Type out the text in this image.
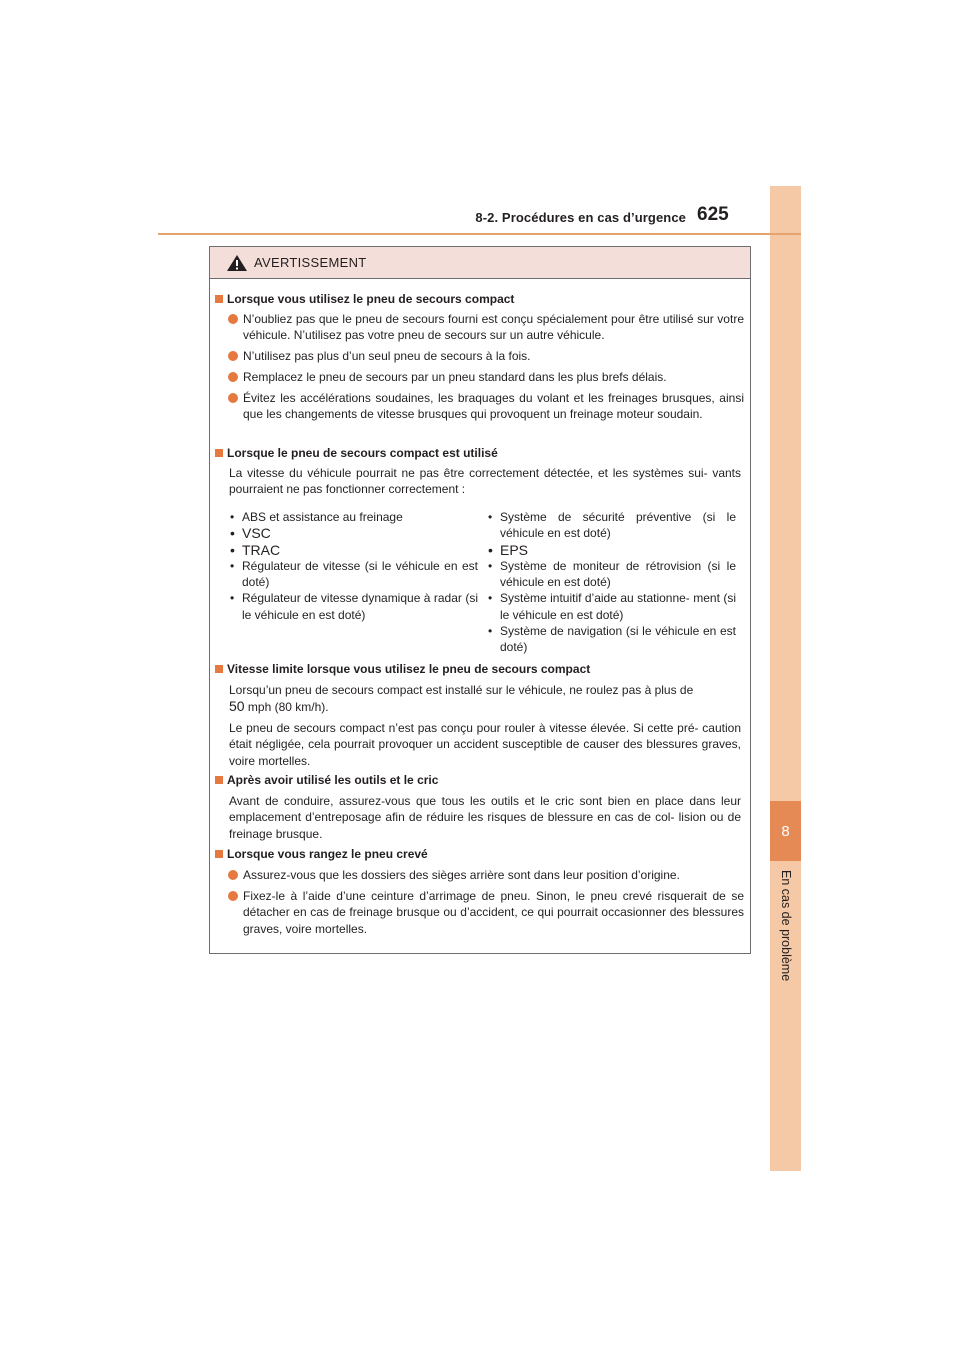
8
En cas de problème
8-2. Procédures en cas d’urgence 625
AVERTISSEMENT
Lorsque vous utilisez le pneu de secours compact
N’oubliez pas que le pneu de secours fourni est conçu spécialement pour être utilisé sur votre véhicule. N’utilisez pas votre pneu de secours sur un autre véhicule.
N’utilisez pas plus d’un seul pneu de secours à la fois.
Remplacez le pneu de secours par un pneu standard dans les plus brefs délais.
Évitez les accélérations soudaines, les braquages du volant et les freinages brusques, ainsi que les changements de vitesse brusques qui provoquent un freinage moteur soudain.
Lorsque le pneu de secours compact est utilisé
La vitesse du véhicule pourrait ne pas être correctement détectée, et les systèmes sui- vants pourraient ne pas fonctionner correctement :
• ABS et assistance au freinage
• VSC
• TRAC
• Régulateur de vitesse (si le véhicule en est doté)
• Régulateur de vitesse dynamique à radar (si le véhicule en est doté)
• Système de sécurité préventive (si le véhicule en est doté)
• EPS
• Système de moniteur de rétrovision (si le véhicule en est doté)
• Système intuitif d’aide au stationne- ment (si le véhicule en est doté)
• Système de navigation (si le véhicule en est doté)
Vitesse limite lorsque vous utilisez le pneu de secours compact
Lorsqu’un pneu de secours compact est installé sur le véhicule, ne roulez pas à plus de
50 mph (80 km/h).
Le pneu de secours compact n’est pas conçu pour rouler à vitesse élevée. Si cette pré- caution était négligée, cela pourrait provoquer un accident susceptible de causer des blessures graves, voire mortelles.
Après avoir utilisé les outils et le cric
Avant de conduire, assurez-vous que tous les outils et le cric sont bien en place dans leur emplacement d’entreposage afin de réduire les risques de blessure en cas de col- lision ou de freinage brusque.
Lorsque vous rangez le pneu crevé
Assurez-vous que les dossiers des sièges arrière sont dans leur position d’origine.
Fixez-le à l’aide d’une ceinture d’arrimage de pneu. Sinon, le pneu crevé risquerait de se détacher en cas de freinage brusque ou d’accident, ce qui pourrait occasionner des blessures graves, voire mortelles.
